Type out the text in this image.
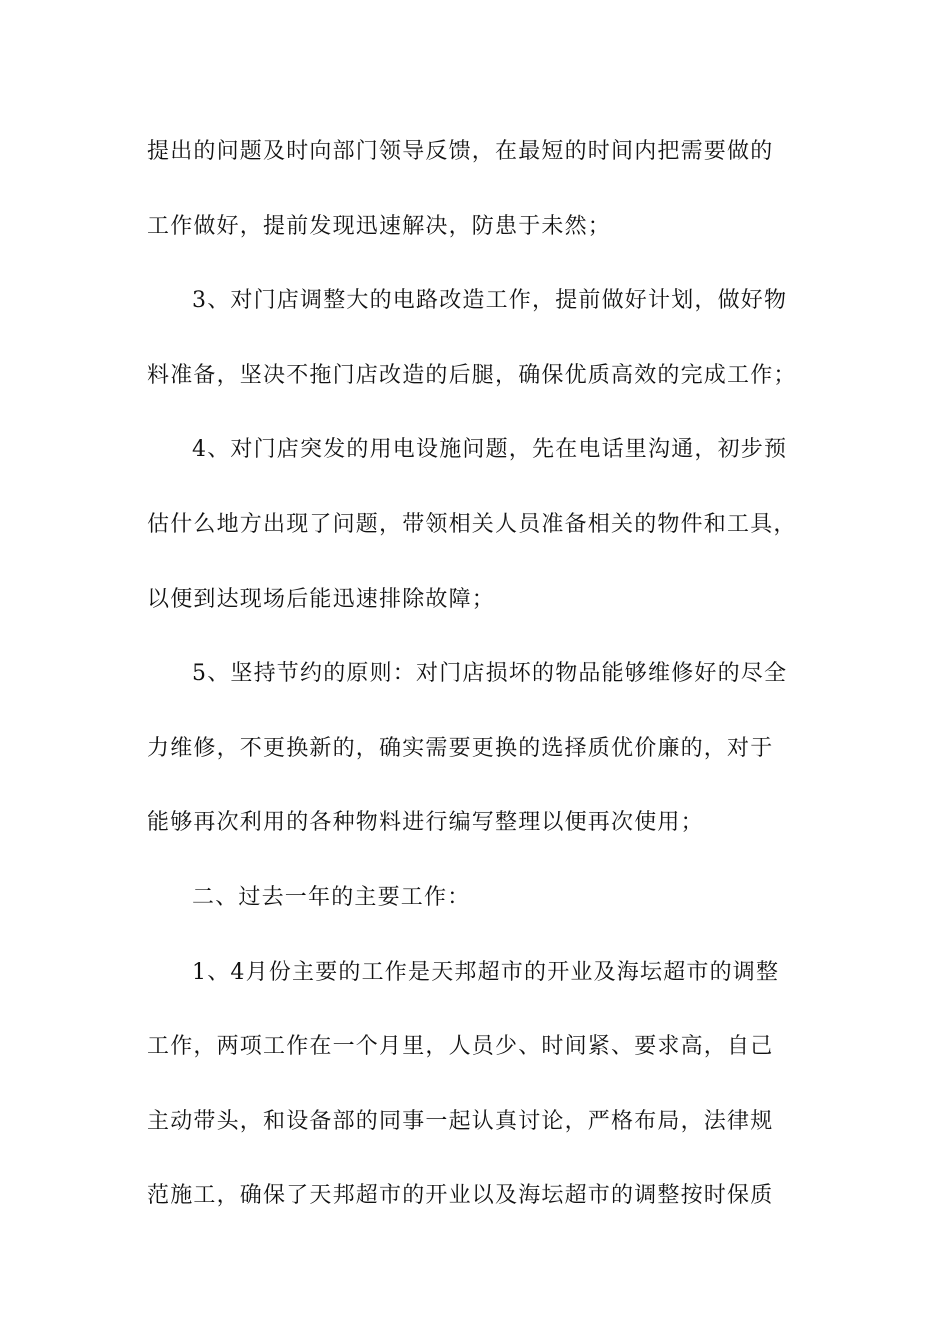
提出的问题及时向部门领导反馈，在最短的时间内把需要做的
工作做好，提前发现迅速解决，防患于未然；
3、对门店调整大的电路改造工作，提前做好计划，做好物
料准备，坚决不拖门店改造的后腿，确保优质高效的完成工作；
4、对门店突发的用电设施问题，先在电话里沟通，初步预
估什么地方出现了问题，带领相关人员准备相关的物件和工具，
以便到达现场后能迅速排除故障；
5、坚持节约的原则：对门店损坏的物品能够维修好的尽全
力维修，不更换新的，确实需要更换的选择质优价廉的，对于
能够再次利用的各种物料进行编写整理以便再次使用；
二、过去一年的主要工作：
1、4月份主要的工作是天邦超市的开业及海坛超市的调整
工作，两项工作在一个月里，人员少、时间紧、要求高，自己
主动带头，和设备部的同事一起认真讨论，严格布局，法律规
范施工，确保了天邦超市的开业以及海坛超市的调整按时保质
